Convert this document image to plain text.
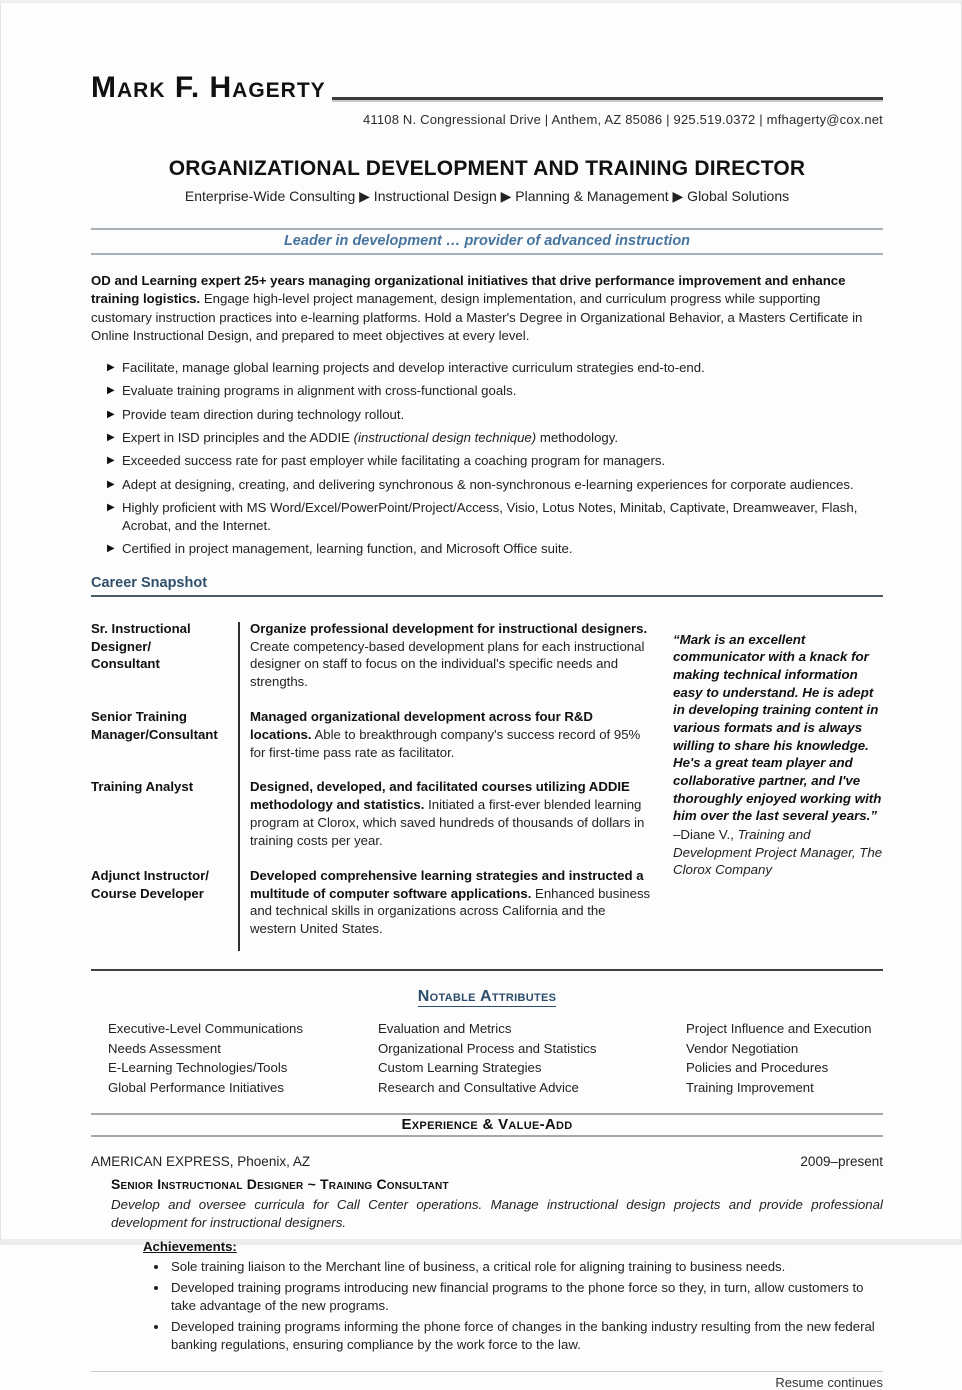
Mark F. Hagerty
41108 N. Congressional Drive | Anthem, AZ 85086 | 925.519.0372 | mfhagerty@cox.net
ORGANIZATIONAL DEVELOPMENT AND TRAINING DIRECTOR
Enterprise-Wide Consulting ▶ Instructional Design ▶ Planning & Management ▶ Global Solutions
Leader in development … provider of advanced instruction

OD and Learning expert 25+ years managing organizational initiatives that drive performance improvement and enhance training logistics. Engage high-level project management, design implementation, and curriculum progress while supporting customary instruction practices into e-learning platforms. Hold a Master's Degree in Organizational Behavior, a Masters Certificate in Online Instructional Design, and prepared to meet objectives at every level.

▶ Facilitate, manage global learning projects and develop interactive curriculum strategies end-to-end.
▶ Evaluate training programs in alignment with cross-functional goals.
▶ Provide team direction during technology rollout.
▶ Expert in ISD principles and the ADDIE (instructional design technique) methodology.
▶ Exceeded success rate for past employer while facilitating a coaching program for managers.
▶ Adept at designing, creating, and delivering synchronous & non-synchronous e-learning experiences for corporate audiences.
▶ Highly proficient with MS Word/Excel/PowerPoint/Project/Access, Visio, Lotus Notes, Minitab, Captivate, Dreamweaver, Flash, Acrobat, and the Internet.
▶ Certified in project management, learning function, and Microsoft Office suite.
Career Snapshot
Sr. Instructional Designer/ Consultant
Organize professional development for instructional designers. Create competency-based development plans for each instructional designer on staff to focus on the individual's specific needs and strengths.
Senior Training Manager/Consultant
Managed organizational development across four R&D locations. Able to breakthrough company's success record of 95% for first-time pass rate as facilitator.
Training Analyst	Designed, developed, and facilitated courses utilizing ADDIE methodology and statistics. Initiated a first-ever blended learning program at Clorox, which saved hundreds of thousands of dollars in training costs per year.
Adjunct Instructor/ Course Developer
Developed comprehensive learning strategies and instructed a multitude of computer software applications. Enhanced business and technical skills in organizations across California and the western United States.
“Mark is an excellent communicator with a knack for making technical information easy to understand. He is adept in developing training content in various formats and is always willing to share his knowledge. He's a great team player and collaborative partner, and I've thoroughly enjoyed working with him over the last several years.”
–Diane V., Training and Development Project Manager, The Clorox Company
Notable Attributes
Executive-Level Communications
Needs Assessment
E-Learning Technologies/Tools
Global Performance Initiatives
Evaluation and Metrics
Organizational Process and Statistics
Custom Learning Strategies
Research and Consultative Advice
Project Influence and Execution
Vendor Negotiation
Policies and Procedures
Training Improvement
Experience & Value-Add
AMERICAN EXPRESS, Phoenix, AZ	2009–present
Senior Instructional Designer ~ Training Consultant
Develop and oversee curricula for Call Center operations. Manage instructional design projects and provide professional development for instructional designers.
Achievements:
• Sole training liaison to the Merchant line of business, a critical role for aligning training to business needs.
• Developed training programs introducing new financial programs to the phone force so they, in turn, allow customers to take advantage of the new programs.
• Developed training programs informing the phone force of changes in the banking industry resulting from the new federal banking regulations, ensuring compliance by the work force to the law.
Resume continues
